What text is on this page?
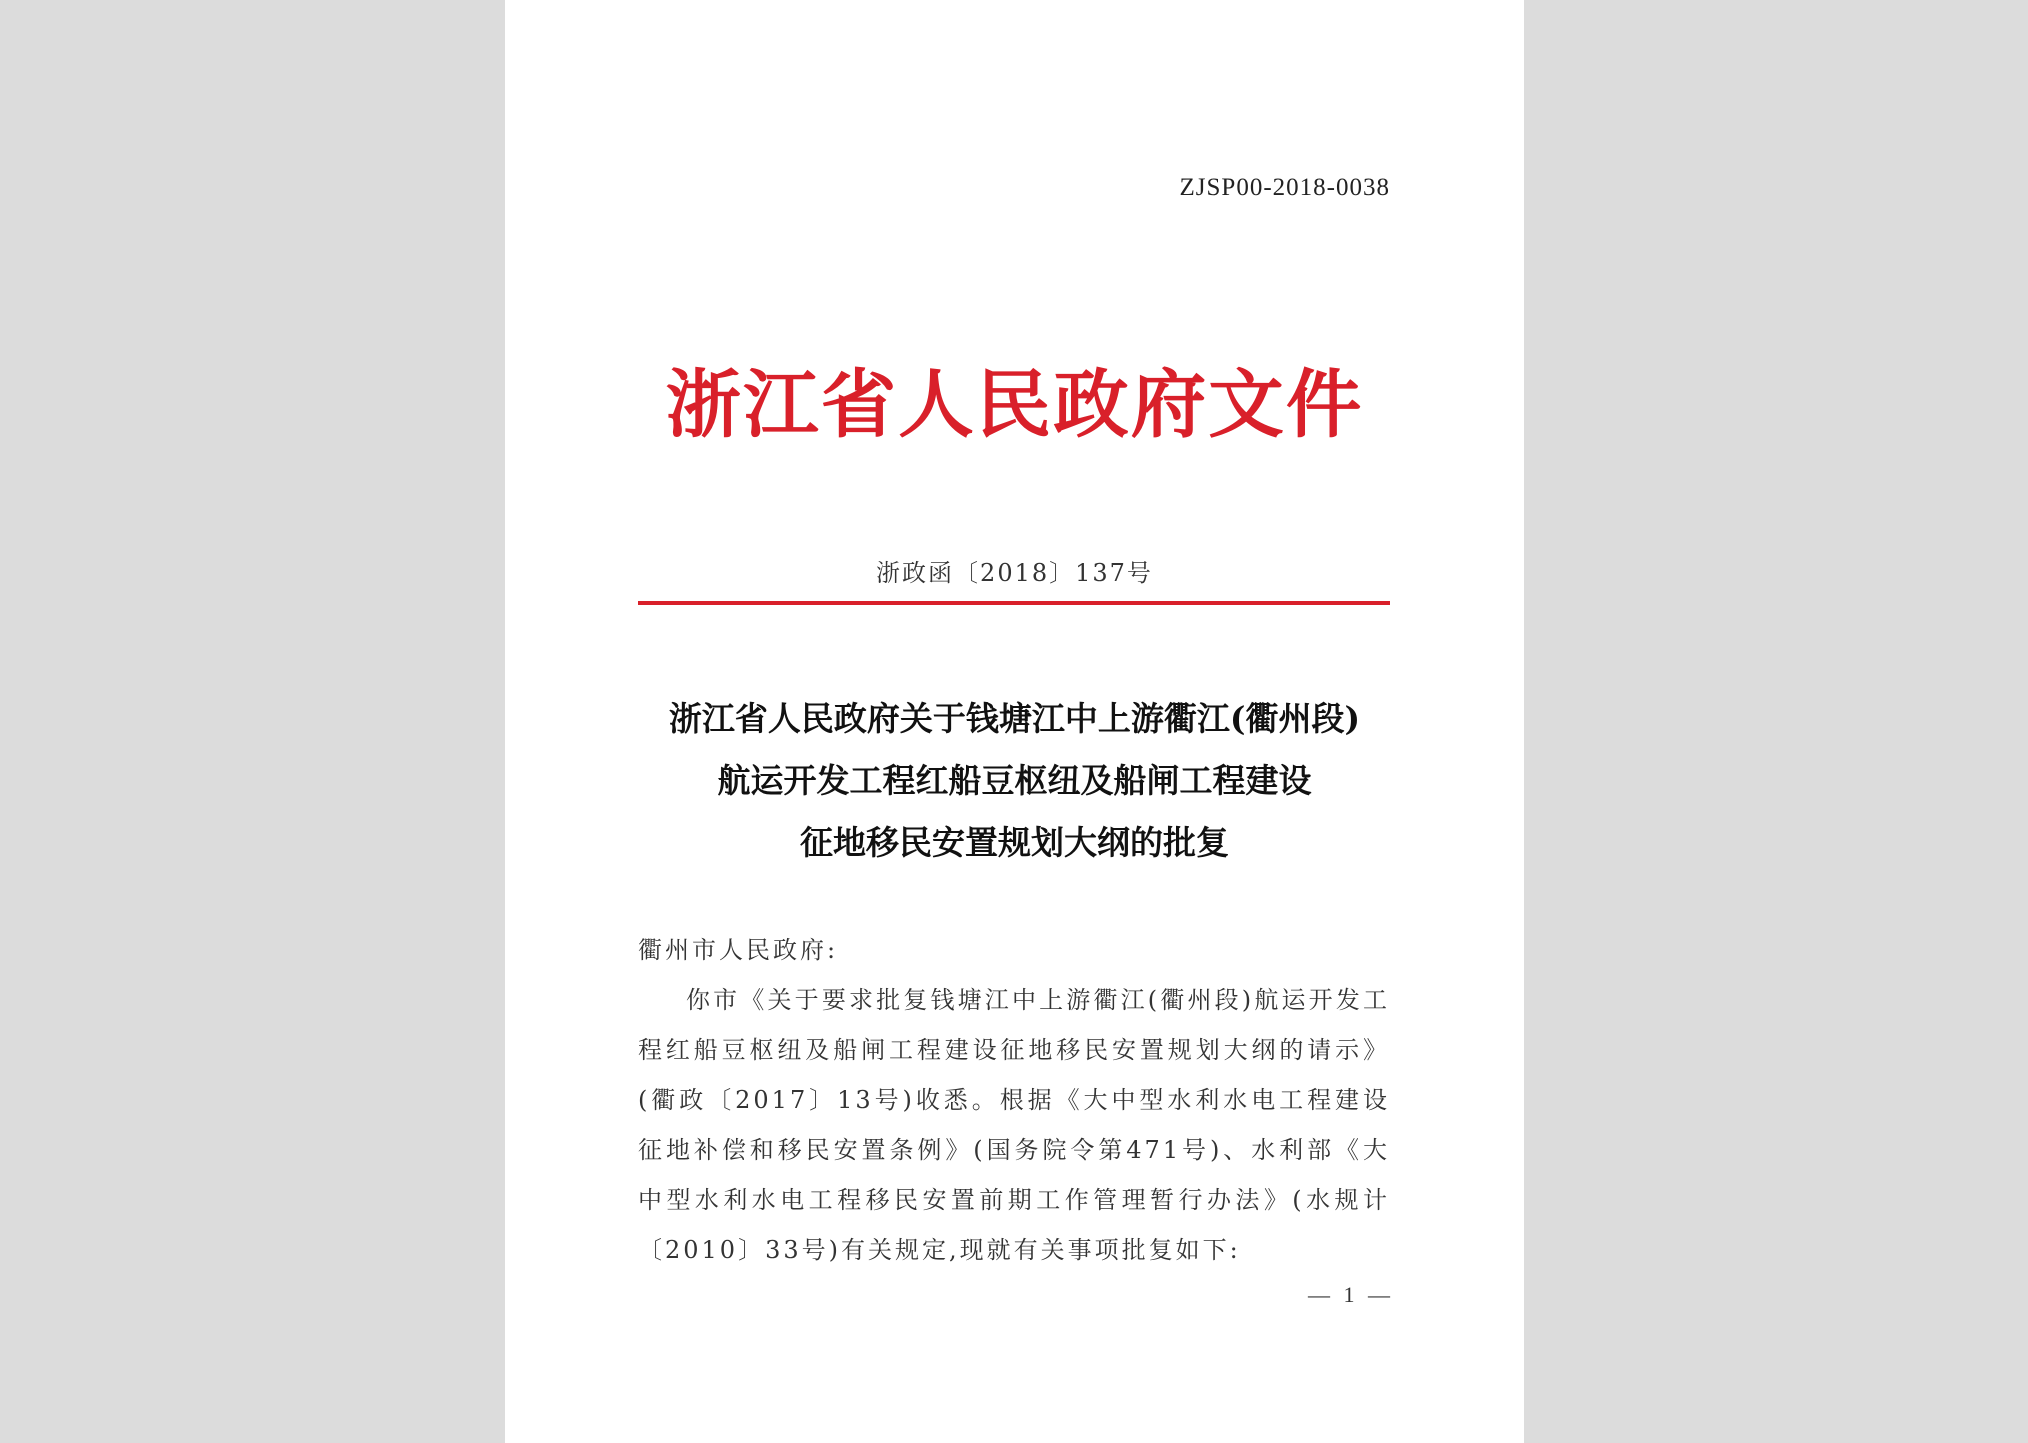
ZJSP00-2018-0038
浙江省人民政府文件
浙政函〔2018〕137号
浙江省人民政府关于钱塘江中上游衢江(衢州段)
航运开发工程红船豆枢纽及船闸工程建设
征地移民安置规划大纲的批复
衢州市人民政府:
你市《关于要求批复钱塘江中上游衢江(衢州段)航运开发工程红船豆枢纽及船闸工程建设征地移民安置规划大纲的请示》(衢政〔2017〕13号)收悉。根据《大中型水利水电工程建设征地补偿和移民安置条例》(国务院令第471号)、水利部《大中型水利水电工程移民安置前期工作管理暂行办法》(水规计〔2010〕33号)有关规定,现就有关事项批复如下:
— 1 —
